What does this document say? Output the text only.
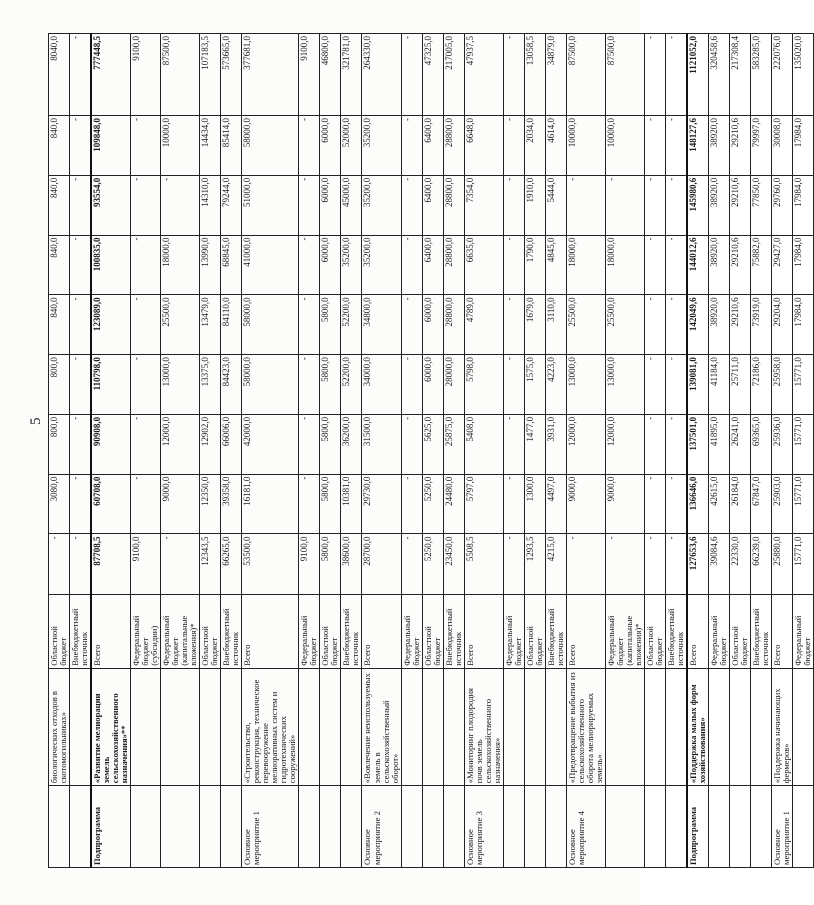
5
	биологических отходов в скотомогильниках»	Областной бюджет	-	3080,0	800,0	800,0	840,0	840,0	840,0	840,0	8040,0
		Внебюджетный источник	-	-	-	-	-	-	-	-	-
Подпрограмма	«Развитие мелиорации земель сельскохозяйственного назначения»**	Всего	87708,5	60708,0	90908,0	110798,0	123089,0	100835,0	93554,0	109848,0	777448,5
		Федеральный бюджет (субсидии)	9100,0	-	-	-	-	-	-	-	9100,0
		Федеральный бюджет (капитальные вложения)*	-	9000,0	12000,0	13000,0	25500,0	18000,0	-	10000,0	87500,0
		Областной бюджет	12343,5	12350,0	12902,0	13375,0	13479,0	13990,0	14310,0	14434,0	107183,5
		Внебюджетный источник	66265,0	39358,0	66006,0	84423,0	84110,0	68845,0	79244,0	85414,0	573665,0
Основное мероприятие 1	«Строительство, реконструкция, техническое перевооружение мелиоративных систем и гидротехнических сооружений»	Всего	53500,0	16181,0	42000,0	58000,0	58000,0	41000,0	51000,0	58000,0	377681,0
		Федеральный бюджет	9100,0	-	-	-	-	-	-	-	9100,0
		Областной бюджет	5800,0	5800,0	5800,0	5800,0	5800,0	6000,0	6000,0	6000,0	46800,0
		Внебюджетный источник	38600,0	10381,0	36200,0	52200,0	52200,0	35200,0	45000,0	52000,0	321781,0
Основное мероприятие 2	«Вовлечение неиспользуемых земель в сельскохозяйственный оборот»	Всего	28700,0	29730,0	31500,0	34000,0	34800,0	35200,0	35200,0	35200,0	264330,0
		Федеральный бюджет	-	-	-	-	-	-	-	-	-
		Областной бюджет	5250,0	5250,0	5625,0	6000,0	6000,0	6400,0	6400,0	6400,0	47325,0
		Внебюджетный источник	23450,0	24480,0	25875,0	28000,0	28800,0	28800,0	28800,0	28800,0	217005,0
Основное мероприятие 3	«Мониторинг плодородия почв земель сельскохозяйственного назначения»	Всего	5508,5	5797,0	5408,0	5798,0	4789,0	6635,0	7354,0	6648,0	47937,5
		Федеральный бюджет	-	-	-	-	-	-	-	-	-
		Областной бюджет	1293,5	1300,0	1477,0	1575,0	1679,0	1790,0	1910,0	2034,0	13058,5
		Внебюджетный источник	4215,0	4497,0	3931,0	4223,0	3110,0	4845,0	5444,0	4614,0	34879,0
Основное мероприятие 4	«Предотвращение выбытия из сельскохозяйственного оборота мелиорируемых земель»	Всего	-	9000,0	12000,0	13000,0	25500,0	18000,0	-	10000,0	87500,0
		Федеральный бюджет (капитальные вложения)*	-	9000,0	12000,0	13000,0	25500,0	18000,0	-	10000,0	87500,0
		Областной бюджет	-	-	-	-	-	-	-	-	-
		Внебюджетный источник	-	-	-	-	-	-	-	-	-
Подпрограмма	«Поддержка малых форм хозяйствования»	Всего	127653,6	136646,0	137501,0	139081,0	142049,6	144012,6	145980,6	148127,6	1121052,0
		Федеральный бюджет	39084,6	42615,0	41895,0	41184,0	38920,0	38920,0	38920,0	38920,0	320458,6
		Областной бюджет	22330,0	26184,0	26241,0	25711,0	29210,6	29210,6	29210,6	29210,6	217308,4
		Внебюджетный источник	66239,0	67847,0	69365,0	72186,0	73919,0	75882,0	77850,0	79997,0	583285,0
Основное мероприятие 1	«Поддержка начинающих фермеров»	Всего	25880,0	25903,0	25936,0	25958,0	29204,0	29427,0	29760,0	30008,0	222076,0
		Федеральный бюджет	15771,0	15771,0	15771,0	15771,0	17984,0	17984,0	17984,0	17984,0	135020,0
